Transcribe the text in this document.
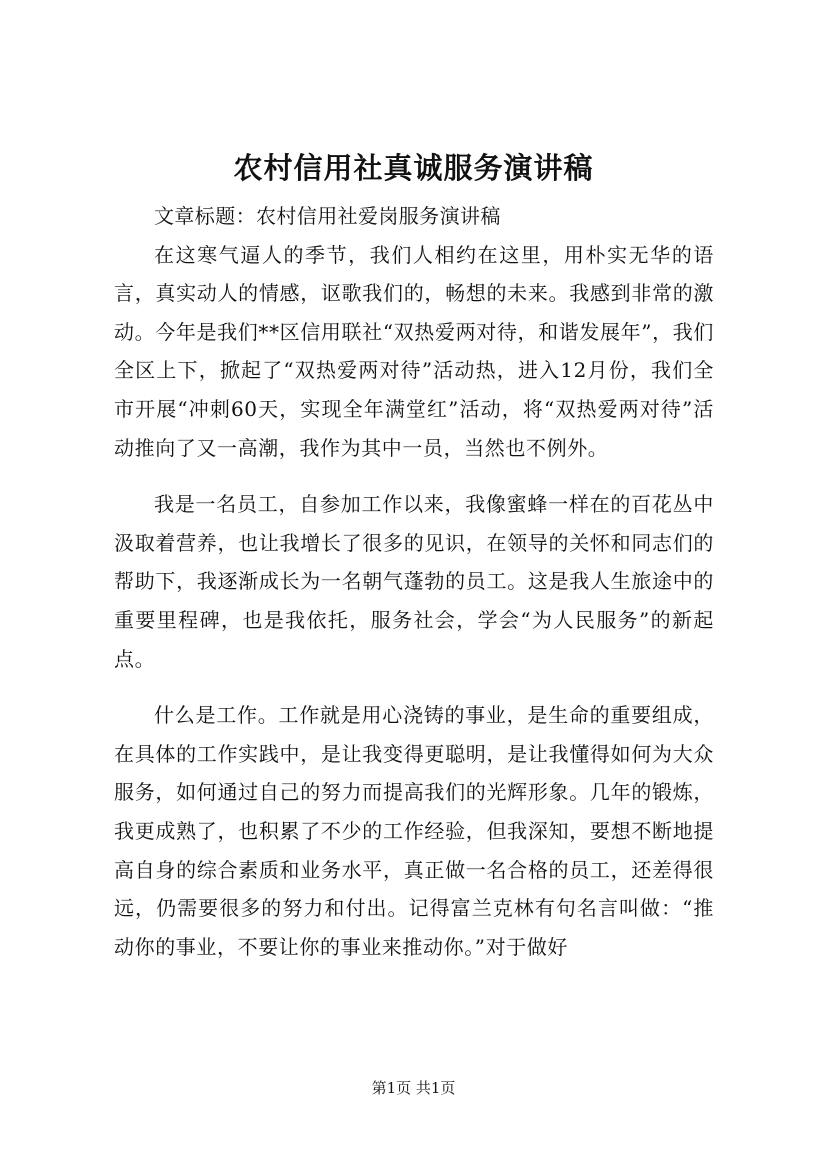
农村信用社真诚服务演讲稿

文章标题：农村信用社爱岗服务演讲稿

在这寒气逼人的季节，我们人相约在这里，用朴实无华的语言，真实动人的情感，讴歌我们的，畅想的未来。我感到非常的激动。今年是我们**区信用联社“双热爱两对待，和谐发展年”，我们全区上下，掀起了“双热爱两对待”活动热，进入12月份，我们全市开展“冲刺60天，实现全年满堂红”活动，将“双热爱两对待”活动推向了又一高潮，我作为其中一员，当然也不例外。

我是一名员工，自参加工作以来，我像蜜蜂一样在的百花丛中汲取着营养，也让我增长了很多的见识，在领导的关怀和同志们的帮助下，我逐渐成长为一名朝气蓬勃的员工。这是我人生旅途中的重要里程碑，也是我依托，服务社会，学会“为人民服务”的新起点。

什么是工作。工作就是用心浇铸的事业，是生命的重要组成，在具体的工作实践中，是让我变得更聪明，是让我懂得如何为大众服务，如何通过自己的努力而提高我们的光辉形象。几年的锻炼，我更成熟了，也积累了不少的工作经验，但我深知，要想不断地提高自身的综合素质和业务水平，真正做一名合格的员工，还差得很远，仍需要很多的努力和付出。记得富兰克林有句名言叫做：“推动你的事业，不要让你的事业来推动你。”对于做好

第1页 共1页
